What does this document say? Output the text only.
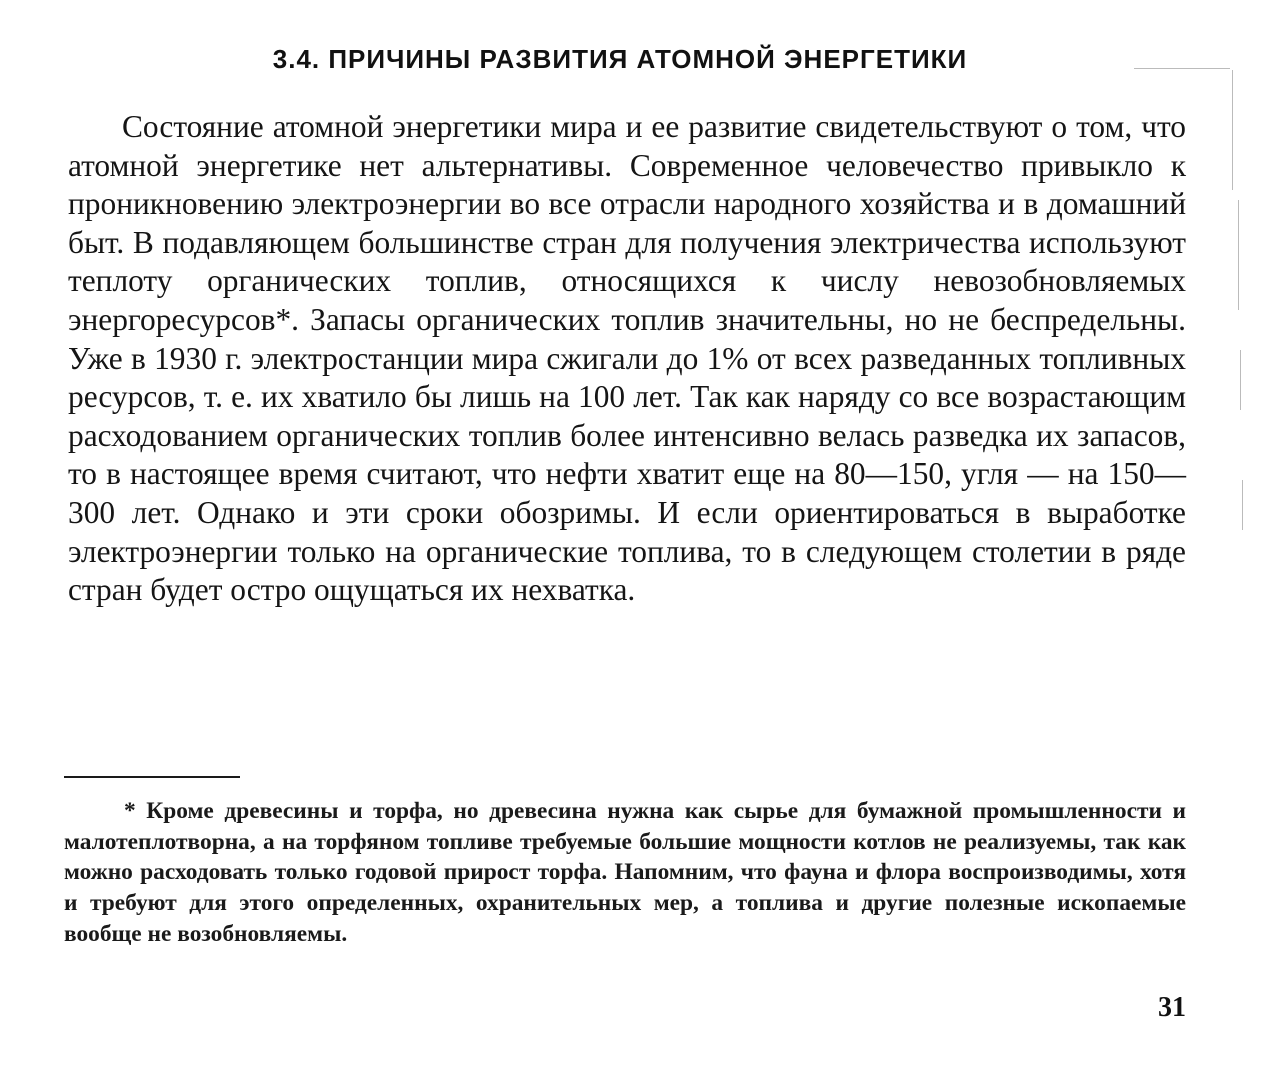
3.4. ПРИЧИНЫ РАЗВИТИЯ АТОМНОЙ ЭНЕРГЕТИКИ

Состояние атомной энергетики мира и ее развитие свидетельствуют о том, что атомной энергетике нет альтернативы. Современное человечество привыкло к проникновению электроэнергии во все отрасли народного хозяйства и в домашний быт. В подавляющем большинстве стран для получения электричества используют теплоту органических топлив, относящихся к числу невозобновляемых энергоресурсов*. Запасы органических топлив значительны, но не беспредельны. Уже в 1930 г. электростанции мира сжигали до 1% от всех разведанных топливных ресурсов, т. е. их хватило бы лишь на 100 лет. Так как наряду со все возрастающим расходованием органических топлив более интенсивно велась разведка их запасов, то в настоящее время считают, что нефти хватит еще на 80—150, угля — на 150—300 лет. Однако и эти сроки обозримы. И если ориентироваться в выработке электроэнергии только на органические топлива, то в следующем столетии в ряде стран будет остро ощущаться их нехватка.

* Кроме древесины и торфа, но древесина нужна как сырье для бумажной промышленности и малотеплотворна, а на торфяном топливе требуемые большие мощности котлов не реализуемы, так как можно расходовать только годовой прирост торфа. Напомним, что фауна и флора воспроизводимы, хотя и требуют для этого определенных, охранительных мер, а топлива и другие полезные ископаемые вообще не возобновляемы.

31
